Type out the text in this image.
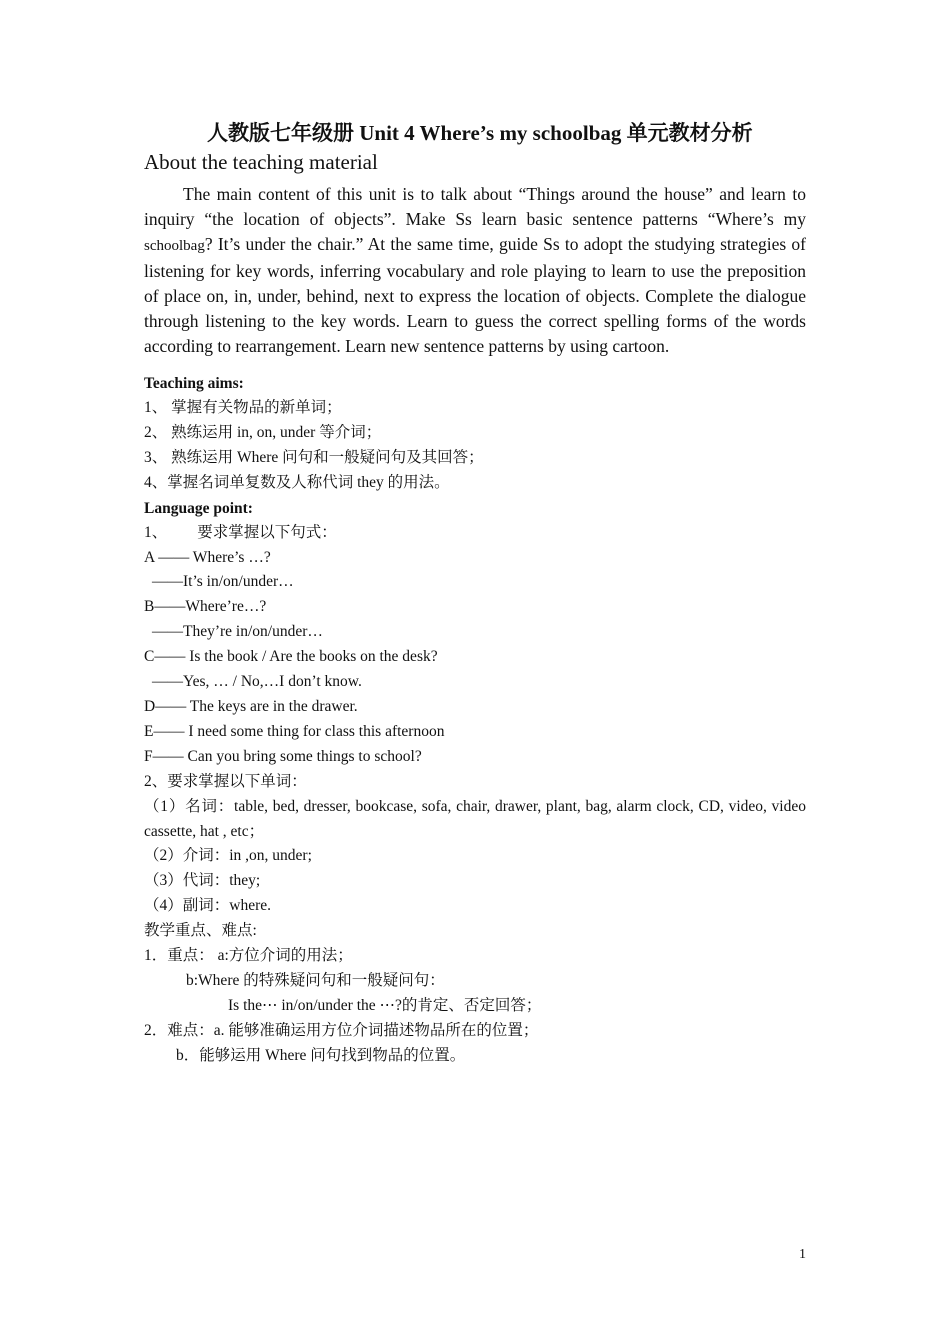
人教版七年级册 Unit 4 Where’s my schoolbag 单元教材分析
About the teaching material
The main content of this unit is to talk about “Things around the house” and learn to inquiry “the location of objects”. Make Ss learn basic sentence patterns “Where’s my schoolbag? It’s under the chair.” At the same time, guide Ss to adopt the studying strategies of listening for key words, inferring vocabulary and role playing to learn to use the preposition of place on, in, under, behind, next to express the location of objects. Complete the dialogue through listening to the key words. Learn to guess the correct spelling forms of the words according to rearrangement. Learn new sentence patterns by using cartoon.
Teaching aims:
1、 掌握有关物品的新单词；
2、 熟练运用 in, on, under 等介词；
3、 熟练运用 Where 问句和一般疑问句及其回答；
4、掌握名词单复数及人称代词 they 的用法。
Language point:
1、 要求掌握以下句式：
A —— Where’s …?
——It’s in/on/under…
B——Where’re…?
——They’re in/on/under…
C—— Is the book / Are the books on the desk?
——Yes, … / No,…I don’t know.
D—— The keys are in the drawer.
E—— I need some thing for class this afternoon
F—— Can you bring some things to school?
2、要求掌握以下单词：
（1）名词：table, bed, dresser, bookcase, sofa, chair, drawer, plant, bag, alarm clock, CD, video, video cassette, hat , etc；
（2）介词：in ,on, under;
（3）代词：they;
（4）副词：where.
教学重点、难点:
1．重点： a:方位介词的用法；
b:Where 的特殊疑问句和一般疑问句：
Is the⋯ in/on/under the ⋯?的肯定、否定回答；
2．难点：a. 能够准确运用方位介词描述物品所在的位置；
b．能够运用 Where 问句找到物品的位置。
1
